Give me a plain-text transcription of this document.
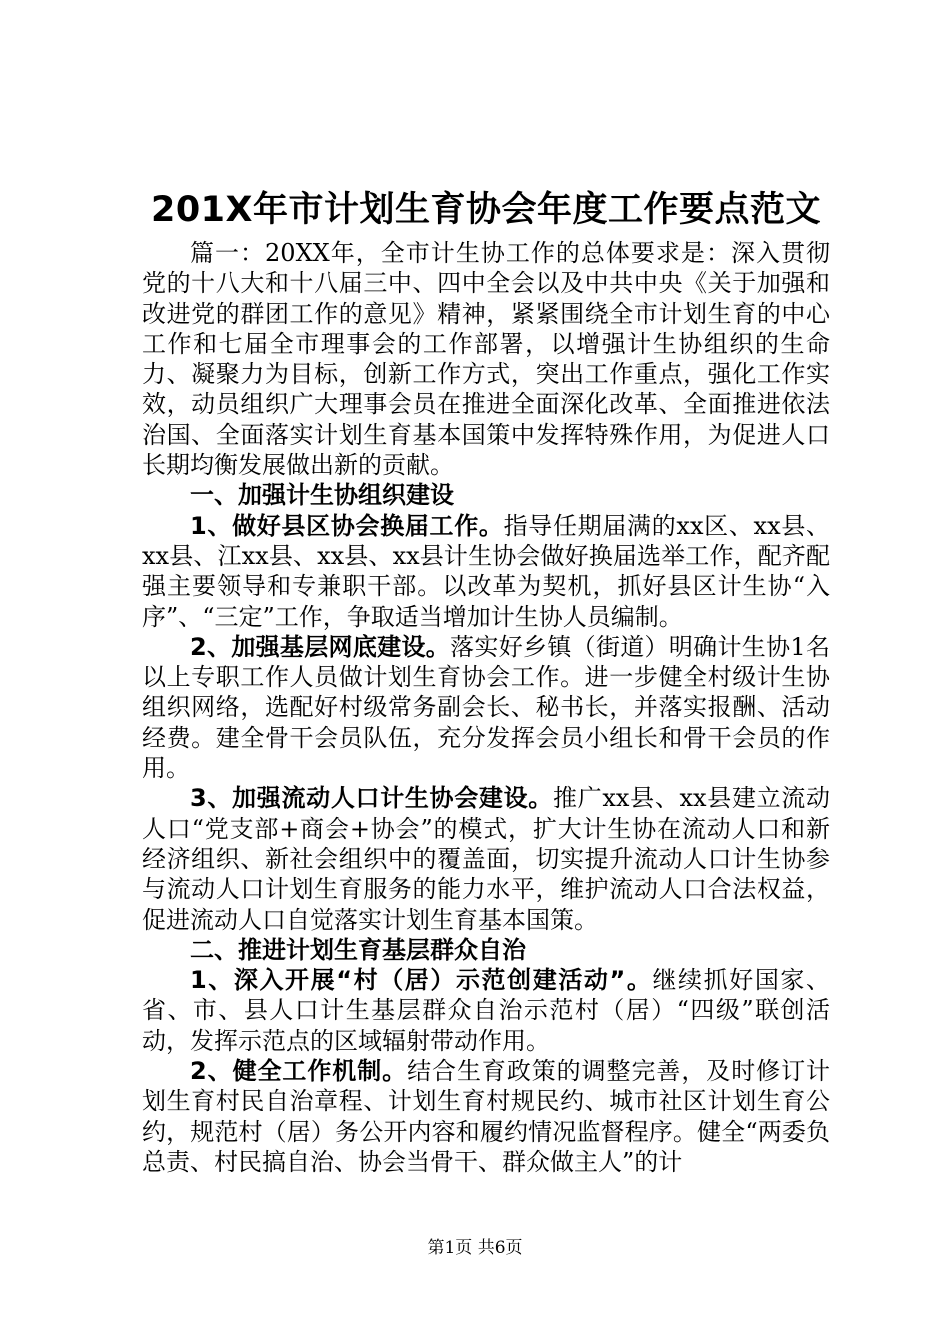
201X年市计划生育协会年度工作要点范文

篇一：20XX年，全市计生协工作的总体要求是：深入贯彻党的十八大和十八届三中、四中全会以及中共中央《关于加强和改进党的群团工作的意见》精神，紧紧围绕全市计划生育的中心工作和七届全市理事会的工作部署，以增强计生协组织的生命力、凝聚力为目标，创新工作方式，突出工作重点，强化工作实效，动员组织广大理事会员在推进全面深化改革、全面推进依法治国、全面落实计划生育基本国策中发挥特殊作用，为促进人口长期均衡发展做出新的贡献。

一、加强计生协组织建设

1、做好县区协会换届工作。指导任期届满的xx区、xx县、xx县、江xx县、xx县、xx县计生协会做好换届选举工作，配齐配强主要领导和专兼职干部。以改革为契机，抓好县区计生协“入序”、“三定”工作，争取适当增加计生协人员编制。

2、加强基层网底建设。落实好乡镇（街道）明确计生协1名以上专职工作人员做计划生育协会工作。进一步健全村级计生协组织网络，选配好村级常务副会长、秘书长，并落实报酬、活动经费。建全骨干会员队伍，充分发挥会员小组长和骨干会员的作用。

3、加强流动人口计生协会建设。推广xx县、xx县建立流动人口“党支部+商会+协会”的模式，扩大计生协在流动人口和新经济组织、新社会组织中的覆盖面，切实提升流动人口计生协参与流动人口计划生育服务的能力水平，维护流动人口合法权益，促进流动人口自觉落实计划生育基本国策。

二、推进计划生育基层群众自治

1、深入开展“村（居）示范创建活动”。继续抓好国家、省、市、县人口计生基层群众自治示范村（居）“四级”联创活动，发挥示范点的区域辐射带动作用。

2、健全工作机制。结合生育政策的调整完善，及时修订计划生育村民自治章程、计划生育村规民约、城市社区计划生育公约，规范村（居）务公开内容和履约情况监督程序。健全“两委负总责、村民搞自治、协会当骨干、群众做主人”的计

第1页 共6页
